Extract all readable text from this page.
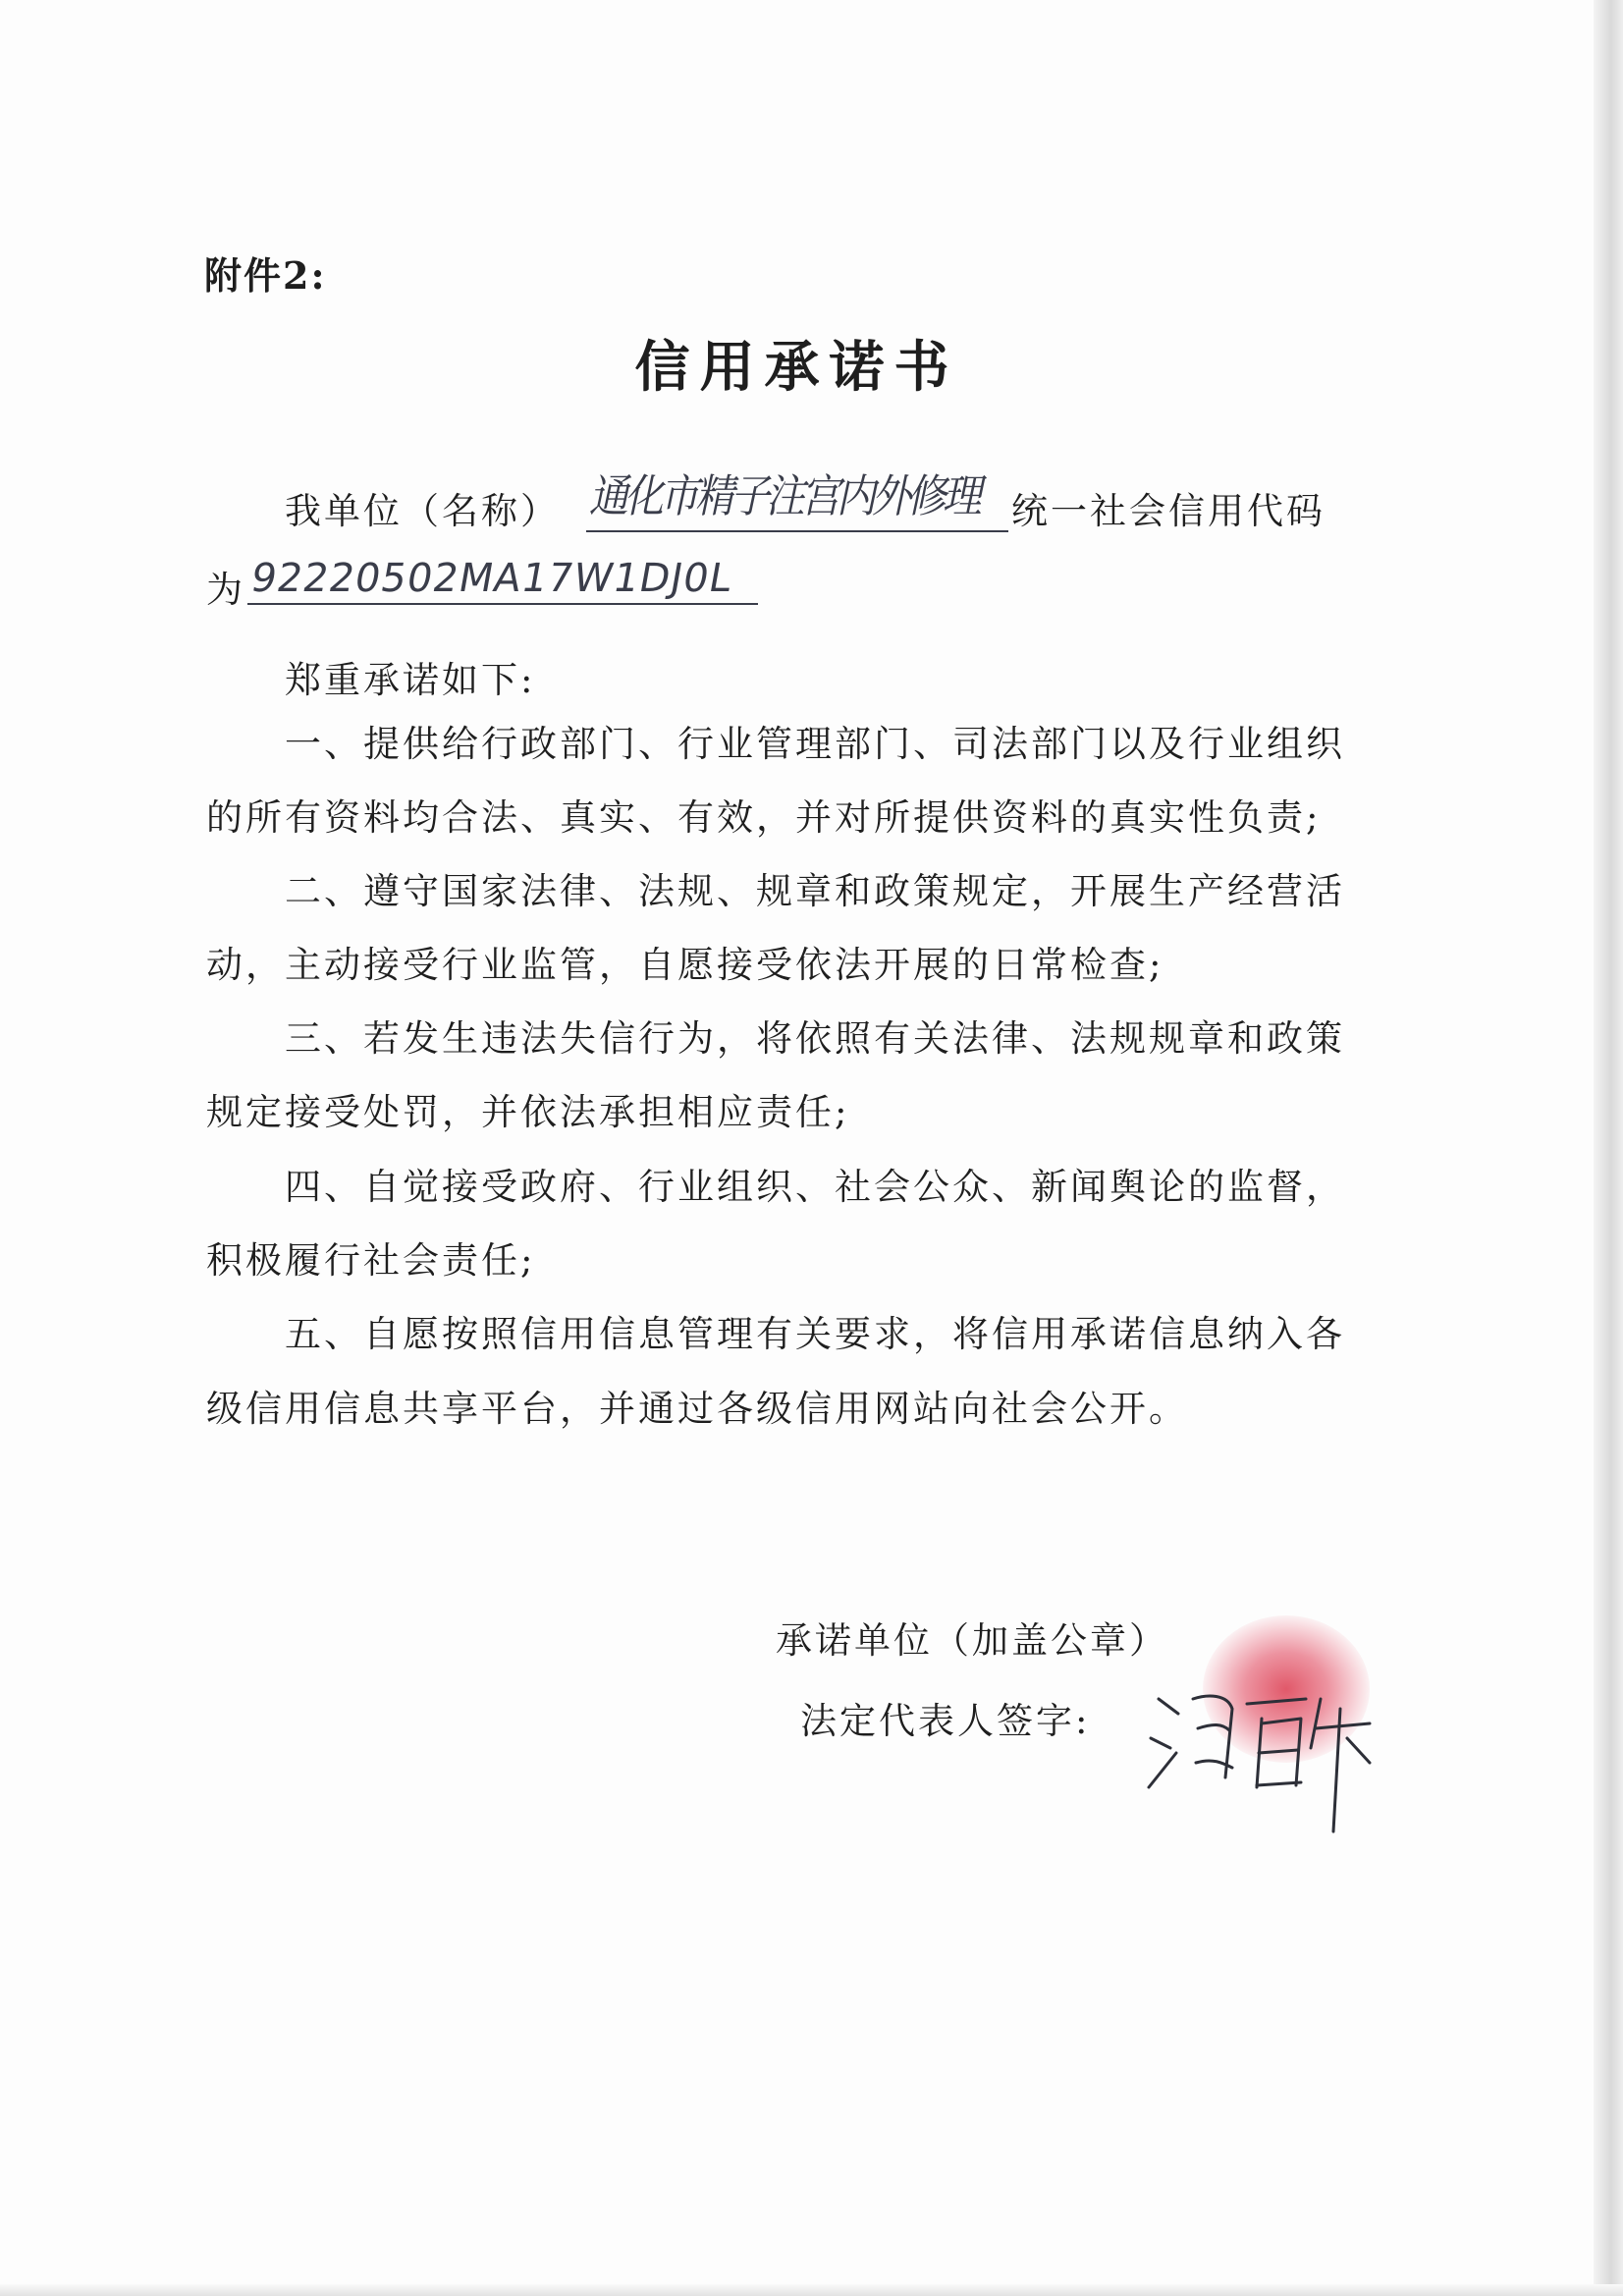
附件2:
信用承诺书
我单位（名称） 通化市精子注宫内外修理 统一社会信用代码
为 92220502MA17W1DJ0L
郑重承诺如下:
一、提供给行政部门、行业管理部门、司法部门以及行业组织
的所有资料均合法、真实、有效，并对所提供资料的真实性负责;
二、遵守国家法律、法规、规章和政策规定，开展生产经营活
动，主动接受行业监管，自愿接受依法开展的日常检查;
三、若发生违法失信行为，将依照有关法律、法规规章和政策
规定接受处罚，并依法承担相应责任;
四、自觉接受政府、行业组织、社会公众、新闻舆论的监督，
积极履行社会责任;
五、自愿按照信用信息管理有关要求，将信用承诺信息纳入各
级信用信息共享平台，并通过各级信用网站向社会公开。
承诺单位（加盖公章）
法定代表人签字:
